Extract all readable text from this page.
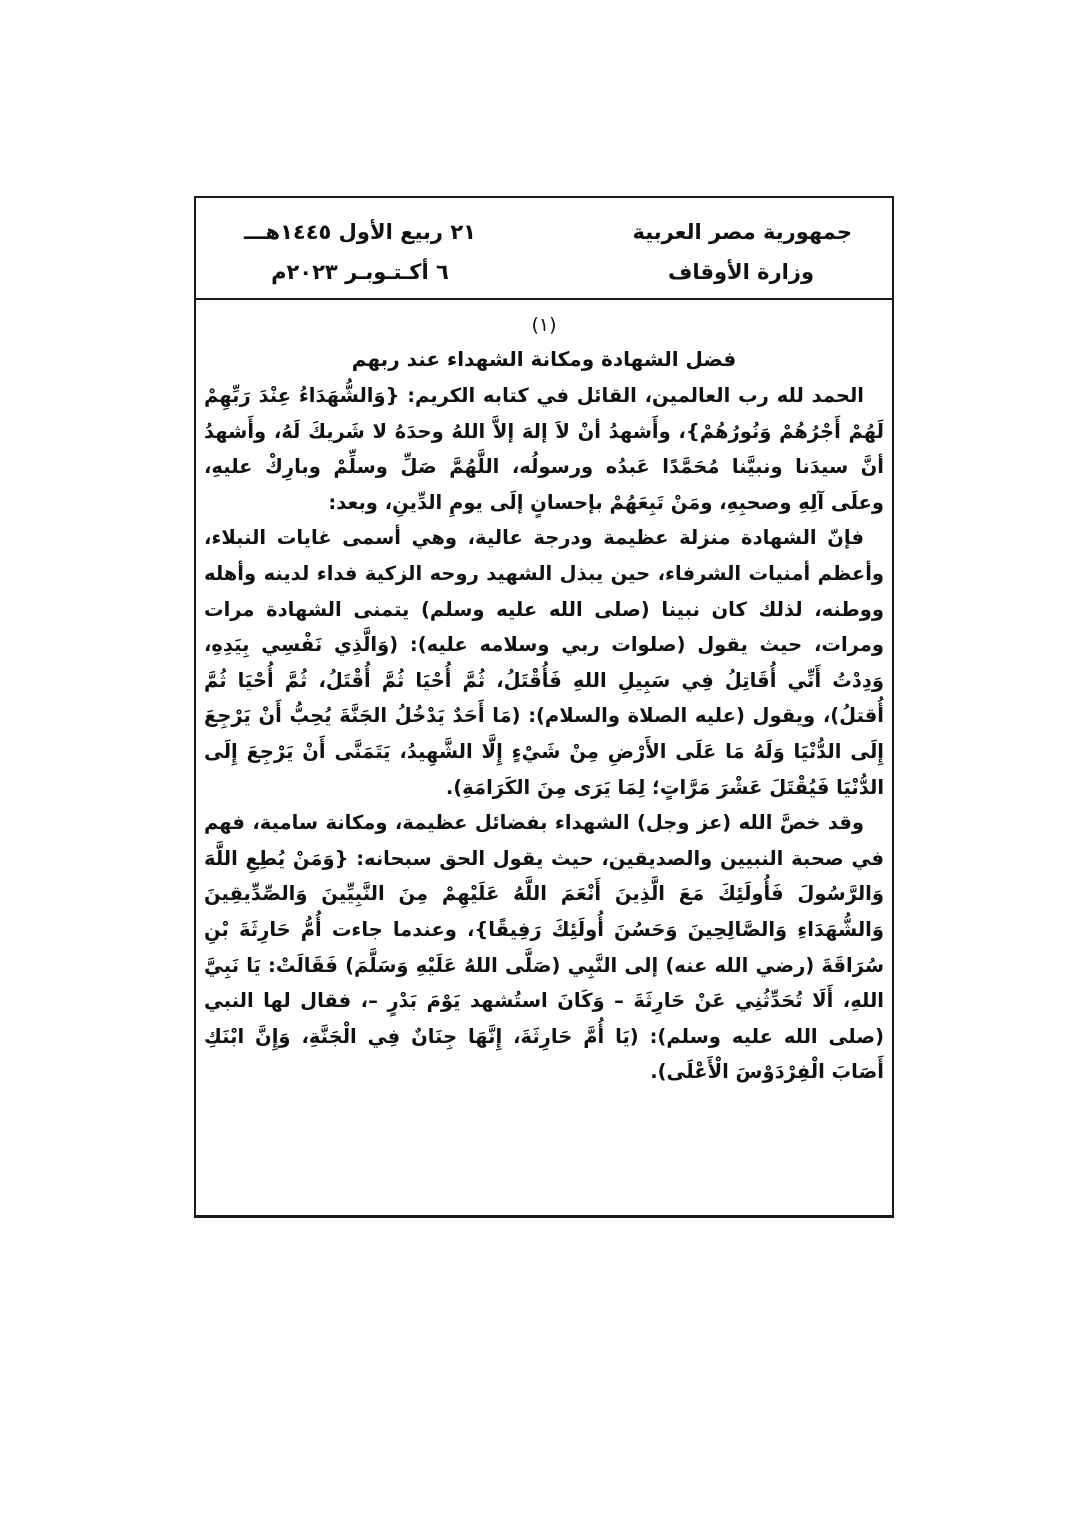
جمهورية مصر العربية
وزارة الأوقاف
٢١ ربيع الأول ١٤٤٥هـــ
٦ أكـتـوبـر ٢٠٢٣م
(١)
فضل الشهادة ومكانة الشهداء عند ربهم

الحمد لله رب العالمين، القائل في كتابه الكريم: {وَالشُّهَدَاءُ عِنْدَ رَبِّهِمْ لَهُمْ أَجْرُهُمْ وَنُورُهُمْ}، وأَشهدُ أنْ لاَ إلهَ إلاَّ اللهُ وحدَهُ لا شَريكَ لَهُ، وأَشهدُ أنَّ سيدَنا ونبيَّنا مُحَمَّدًا عَبدُه ورسولُه، اللَّهُمَّ صَلِّ وسلِّمْ وبارِكْ عليهِ، وعلَى آلِهِ وصحبِهِ، ومَنْ تَبِعَهُمْ بإحسانٍ إلَى يومِ الدِّينِ، وبعد:

فإنّ الشهادة منزلة عظيمة ودرجة عالية، وهي أسمى غايات النبلاء، وأعظم أمنيات الشرفاء، حين يبذل الشهيد روحه الزكية فداء لدينه وأهله ووطنه، لذلك كان نبينا (صلى الله عليه وسلم) يتمنى الشهادة مرات ومرات، حيث يقول (صلوات ربي وسلامه عليه): (وَالَّذِي نَفْسِي بِيَدِهِ، وَدِدْتُ أَنِّي أُقَاتِلُ فِي سَبِيلِ اللهِ فَأُقْتَلُ، ثُمَّ أُحْيَا ثُمَّ أُقْتَلُ، ثُمَّ أُحْيَا ثُمَّ أُقتلُ)، ويقول (عليه الصلاة والسلام): (مَا أَحَدٌ يَدْخُلُ الجَنَّةَ يُحِبُّ أَنْ يَرْجِعَ إِلَى الدُّنْيَا وَلَهُ مَا عَلَى الأَرْضِ مِنْ شَيْءٍ إِلَّا الشَّهِيدُ، يَتَمَنَّى أَنْ يَرْجِعَ إِلَى الدُّنْيَا فَيُقْتَلَ عَشْرَ مَرَّاتٍ؛ لِمَا يَرَى مِنَ الكَرَامَةِ).

وقد خصَّ الله (عز وجل) الشهداء بفضائل عظيمة، ومكانة سامية، فهم في صحبة النبيين والصديقين، حيث يقول الحق سبحانه: {وَمَنْ يُطِعِ اللَّهَ وَالرَّسُولَ فَأُولَئِكَ مَعَ الَّذِينَ أَنْعَمَ اللَّهُ عَلَيْهِمْ مِنَ النَّبِيِّينَ وَالصِّدِّيقِينَ وَالشُّهَدَاءِ وَالصَّالِحِينَ وَحَسُنَ أُولَئِكَ رَفِيقًا}، وعندما جاءت أُمُّ حَارِثَةَ بْنِ سُرَاقَةَ (رضي الله عنه) إلى النَّبِي (صَلَّى اللهُ عَلَيْهِ وَسَلَّمَ) فَقَالَتْ: يَا نَبِيَّ اللهِ، أَلَا تُحَدِّثُنِي عَنْ حَارِثَةَ – وَكَانَ استُشهد يَوْمَ بَدْرٍ –، فقال لها النبي (صلى الله عليه وسلم): (يَا أُمَّ حَارِثَةَ، إِنَّهَا جِنَانٌ فِي الْجَنَّةِ، وَإِنَّ ابْنَكِ أَصَابَ الْفِرْدَوْسَ الْأَعْلَى).
